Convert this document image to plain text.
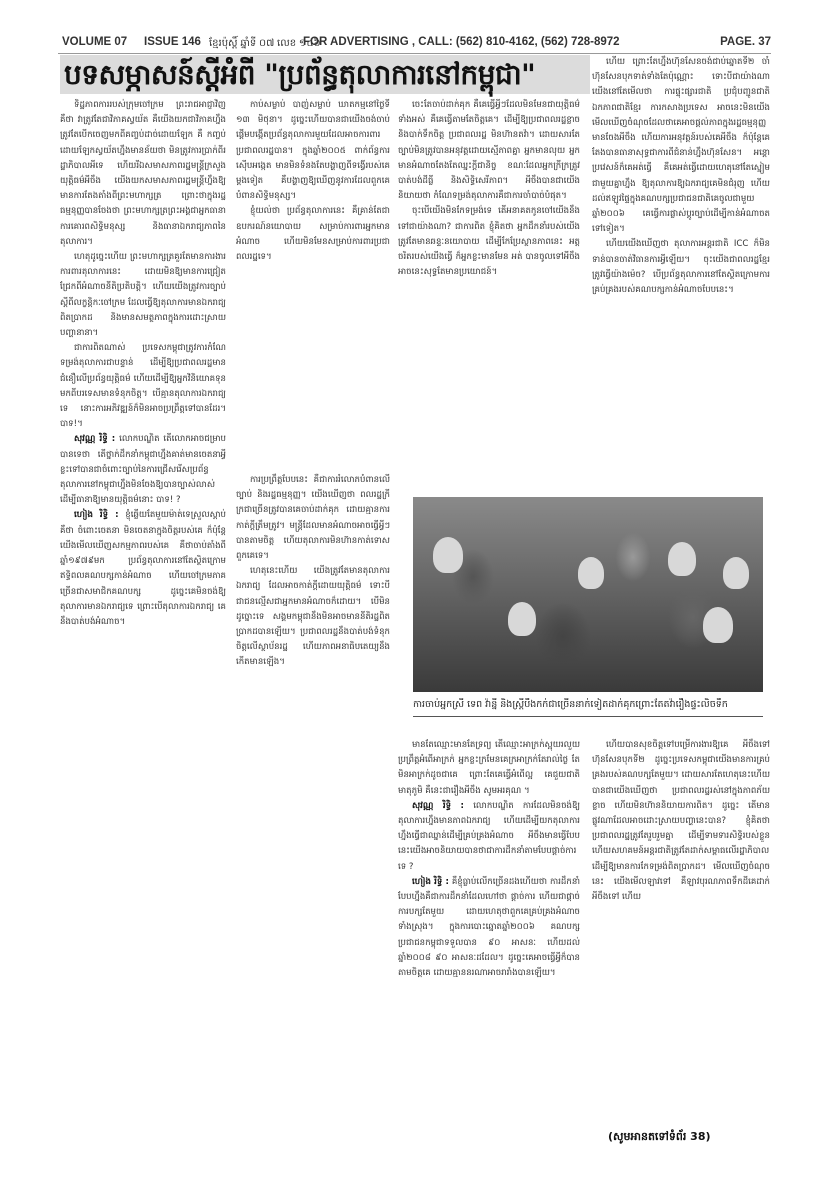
VOLUME 07 ISSUE 146 ខ្មែរប៉ុស្តិ៍ ឆ្នាំទី ០៧ លេខ ១៤៦
FOR ADVERTISING , CALL: (562) 810-4162, (562) 728-8972	PAGE. 37
បទសម្ភាសន៍ស្ដីអំពី "ប្រព័ន្ធតុលាការនៅកម្ពុជា"

ទិដ្ឋភាពការរបស់ក្រុមចៅក្រម ព្រះរាជអាជ្ញាវិញ គឺថា វាត្រូវតែជាវិភាគស្វយ័ត គឺយើងយកជាវិភាគហ្នឹង ត្រូវតែបើកចេញមកពីគញ្ចប់ដាច់ដោយឡែក គឺ កញ្ចប់ដោយឡែកស្វយ័តហ្នឹងមានន័យថា មិនត្រូវការប្រាក់ពីរដ្ឋាភិបាលអីទេ ហើយរីឯសមាសភាពរដ្ឋមន្ត្រីក្រសួងយុត្តិធម៌អីចឹង យើងយកសមាសភាពរដ្ឋមន្ត្រីហ្នឹងឱ្យមានការតែងតាំងពីព្រះមហាក្សត្រ ព្រោះថាក្នុងរដ្ឋធម្មនុញ្ញបានចែងថា ព្រះមហាក្សត្រព្រះអង្គជាអ្នកធានាការគោរពសិទ្ធិមនុស្ស និងធានាឯករាជ្យភាពនៃតុលាការ។

ហេតុដូច្នេះហើយ ព្រះមហាក្សត្រគួរតែមានការងារការពារតុលាការនេះ ដោយមិនឱ្យមានការជ្រៀតជ្រែកពីអំណាចនីតិប្រតិបត្តិ។ ហើយយើងត្រូវការច្បាប់ស្ដីពីលក្ខន្តិកៈចៅក្រម ដែលធ្វើឱ្យតុលាការមានឯករាជ្យពិតប្រាកដ និងមានសមត្ថភាពក្នុងការដោះស្រាយបញ្ហានានា។

ជាការពិតណាស់ ប្រទេសកម្ពុជាត្រូវការកំណែទម្រង់តុលាការជាបន្ទាន់ ដើម្បីឱ្យប្រជាពលរដ្ឋមានជំនឿលើប្រព័ន្ធយុត្តិធម៌ ហើយដើម្បីឱ្យអ្នកវិនិយោគទុនមកពីបរទេសមានទំនុកចិត្ត។ បើគ្មានតុលាការឯករាជ្យទេ នោះការអភិវឌ្ឍន៍ក៏មិនអាចប្រព្រឹត្តទៅបានដែរ។ បាទ!។

សុវណ្ណ រិទ្ធិ : លោកបណ្ឌិត តើលោកអាចជម្រាបបានទេថា តើថ្នាក់ដឹកនាំកម្ពុជាហ្នឹងគាត់មានចេតនាអ្វីខ្លះទៅបានជាចំពោះច្បាប់នៃការជ្រើសរើសប្រព័ន្ធតុលាការនៅកម្ពុជាហ្នឹងមិនចែងឱ្យបានច្បាស់លាស់ដើម្បីធានាឱ្យមានយុត្តិធម៌នោះ បាទ! ?

ហៀង រិទ្ធិ : ខ្ញុំឆ្លើយតែមួយម៉ាត់ទេស្រួលស្ដាប់ គឺថា ចំពោះចេតនា មិនចេតនាក្នុងចិត្តរបស់គេ ក៏ប៉ុន្តែយើងមើលឃើញសកម្មភាពរបស់គេ គឺថាចាប់តាំងពីឆ្នាំ១៩៧៩មក ប្រព័ន្ធតុលាការនៅតែស្ថិតក្រោមឥទ្ធិពលគណបក្សកាន់អំណាច ហើយចៅក្រមភាគច្រើនជាសមាជិកគណបក្ស ដូច្នេះគេមិនចង់ឱ្យតុលាការមានឯករាជ្យទេ ព្រោះបើតុលាការឯករាជ្យ គេនឹងបាត់បង់អំណាច។

កាប់សម្លាប់ បាញ់សម្លាប់ ឃាតកម្មនៅថ្ងៃទី ១៣ មិថុនា។ ដូច្នេះហើយបានជាយើងចង់ចាប់ផ្ដើមបង្កើតប្រព័ន្ធតុលាការមួយដែលអាចការពារប្រជាពលរដ្ឋបាន។ ក្នុងឆ្នាំ២០០៥ ពាក់ព័ន្ធការស៊ើបអង្កេត មានមិនទំនងតែបង្ហាញពីទង្វើរបស់គេម្ដងទៀត គឺបង្ហាញឱ្យឃើញនូវការដែលពួកគេបំពានសិទ្ធិមនុស្ស។

ខ្ញុំយល់ថា ប្រព័ន្ធតុលាការនេះ គឺគ្រាន់តែជាឧបករណ៍នយោបាយ សម្រាប់ការពារអ្នកមានអំណាច ហើយមិនមែនសម្រាប់ការពារប្រជាពលរដ្ឋទេ។

ការប្រព្រឹត្តបែបនេះ គឺជាការរំលោភបំពានលើច្បាប់ និងរដ្ឋធម្មនុញ្ញ។ យើងឃើញថា ពលរដ្ឋក្រីក្រជាច្រើនត្រូវបានគេចាប់ដាក់គុក ដោយគ្មានការកាត់ក្ដីត្រឹមត្រូវ។ មន្ត្រីដែលមានអំណាចអាចធ្វើអ្វីៗបានតាមចិត្ត ហើយតុលាការមិនហ៊ានកាត់ទោសពួកគេទេ។

ហេតុនេះហើយ យើងត្រូវតែមានតុលាការឯករាជ្យ ដែលអាចកាត់ក្ដីដោយយុត្តិធម៌ ទោះបីជាជនល្មើសជាអ្នកមានអំណាចក៏ដោយ។ បើមិនដូច្នោះទេ សង្គមកម្ពុជានឹងមិនអាចមាននីតិរដ្ឋពិតប្រាកដបានឡើយ។ ប្រជាពលរដ្ឋនឹងបាត់បង់ទំនុកចិត្តលើស្ថាប័នរដ្ឋ ហើយភាពអនាធិបតេយ្យនឹងកើតមានឡើង។

ហើយ ព្រោះតែហ្នឹងហ៊ុនសែនចង់ជាប់ឆ្នោតទី២ ចាំហ៊ុនសែនបុកទាត់ទាំងតែប៉ុណ្ណោះ ទោះបីជាយ៉ាងណា យើងនៅតែមើលថា ការផ្ទុះផ្សារជាតិ ប្រជុំបញ្ជូនជាតិឯកភាពជាតិខ្មែរ ការកសាងប្រទេស អាចនេះមិនយើងមើលឃើញចំណុចដែលថាគេអាចផ្តល់ភាពក្នុងរដ្ឋធម្មនុញ្ញមានចែងអីចឹង ហើយការអនុវត្តន៍របស់គេអីចឹង ក៏ប៉ុន្តែគេតែងបានធានាសុទ្ធជាការពីជំនាន់ហ្នឹងហ៊ុនសែន។ អន្តោប្រវេសន៍ក៏គេអត់ធ្វើ គឺគេអត់ធ្វើដោយហេតុនៅតែស្នៀមជាមួយគ្នាហ្នឹង ឱ្យតុលាការឱ្យឯករាជ្យគេមិនជំរុញ ហើយដល់ឥឡូវផ្ទៃក្នុងគណបក្សប្រជាជនជាតិគេចូលជាមួយឆ្នាំ២០០៦ គេធ្វើការផ្លាស់ប្ដូរច្បាប់ដើម្បីកាន់អំណាចតទៅទៀត។

ហើយយើងឃើញថា តុលាការអន្តរជាតិ ICC ក៏មិនទាន់បានចាត់វិធានការអ្វីឡើយ។ ចុះយើងជាពលរដ្ឋខ្មែរ ត្រូវធ្វើយ៉ាងម៉េច? បើប្រព័ន្ធតុលាការនៅតែស្ថិតក្រោមការគ្រប់គ្រងរបស់គណបក្សកាន់អំណាចបែបនេះ។

ចេះតែចាប់ដាក់គុក គឺគេធ្វើអ្វីៗដែលមិនមែនជាយុត្តិធម៌ទាំងអស់ គឺគេធ្វើតាមតែចិត្តគេ។ ដើម្បីឱ្យប្រជាពលរដ្ឋខ្លាចនិងបាក់ទឹកចិត្ត ប្រជាពលរដ្ឋ មិនហ៊ានតវ៉ា។ ដោយសារតែច្បាប់មិនត្រូវបានអនុវត្តដោយស្មើភាពគ្នា អ្នកមានលុយ អ្នកមានអំណាចតែងតែឈ្នះក្ដីជានិច្ច ខណៈដែលអ្នកក្រីក្រត្រូវបាត់បង់ដីធ្លី និងសិទ្ធិសេរីភាព។ អីចឹងបានជាយើងនិយាយថា កំណែទម្រង់តុលាការគឺជាការចាំបាច់បំផុត។

ចុះបើយើងមិនកែទម្រង់ទេ តើអនាគតកូនចៅយើងនឹងទៅជាយ៉ាងណា? ជាការពិត ខ្ញុំគិតថា អ្នកដឹកនាំរបស់យើងត្រូវតែមានឆន្ទៈនយោបាយ ដើម្បីកែប្រែស្ថានភាពនេះ អត្តចរិតរបស់យើងធ្វើ ក៏អ្នកខ្លះមានមែន អត់ បានចូលទៅអីចឹង អាចនេះសុទ្ធតែមានប្រយោជន៍។

ការចាប់អ្នកស្រី ទេព វ៉ាន្នី និងស្ត្រីបឹងកក់ជាច្រើននាក់ទៀតដាក់គុកព្រោះតែតវ៉ារឿងផ្ទះលិចទឹក

មានតែឈ្មោះមានតែទ្រព្យ តើឈ្មោះអាក្រក់ស្អុយរលួយ ប្រព្រឹត្តអំពើអាក្រក់ អ្នកខ្លះក្រមែនគេក្រអាក្រក់តែរាល់ថ្ងៃ តែមិនអាក្រក់ដូចជាគេ ព្រោះតែគេធ្វើអំពើល្អ គេជួយជាតិមាតុភូមិ គឺនេះជារឿងអីចឹង សូមអរគុណ ។

សុវណ្ណ រិទ្ធិ : លោកបណ្ឌិត ការដែលមិនចង់ឱ្យតុលាការហ្នឹងមានភាពឯករាជ្យ ហើយដើម្បីយកតុលាការហ្នឹងធ្វើជាឈ្នាន់ដើម្បីគ្រប់គ្រងអំណាច អីចឹងមានធ្វើបែបនេះយើងអាចនិយាយបានថាជាការដឹកនាំតាមបែបផ្ដាច់ការទេ ?

ហៀង រិទ្ធិ : គឺខ្ញុំធ្លាប់លើកច្រើនដងហើយថា ការដឹកនាំបែបហ្នឹងគឺជាការដឹកនាំដែលហៅថា ផ្ដាច់ការ ហើយជាផ្ដាច់ការបក្សតែមួយ ដោយហេតុថាពួកគេគ្រប់គ្រងអំណាចទាំងស្រុង។ ក្នុងការបោះឆ្នោតឆ្នាំ២០០៦ គណបក្សប្រជាជនកម្ពុជាទទួលបាន ៩០ អាសនៈ ហើយដល់ឆ្នាំ២០០៨ ៩០ អាសនៈដដែល។ ដូច្នេះគេអាចធ្វើអ្វីក៏បានតាមចិត្តគេ ដោយគ្មាននរណាអាចរារាំងបានឡើយ។

ហើយបានសុខចិត្តទៅបម្រើការងារឱ្យគេ អីចឹងទៅហ៊ុនសែនបុកទី២ ដូច្នេះប្រទេសកម្ពុជាយើងមានការគ្រប់គ្រងរបស់គណបក្សតែមួយ។ ដោយសារតែហេតុនេះហើយបានជាយើងឃើញថា ប្រជាពលរដ្ឋរស់នៅក្នុងភាពភ័យខ្លាច ហើយមិនហ៊ាននិយាយការពិត។ ដូច្នេះ តើមានផ្លូវណាដែលអាចដោះស្រាយបញ្ហានេះបាន? ខ្ញុំគិតថា ប្រជាពលរដ្ឋត្រូវតែរួបរួមគ្នា ដើម្បីទាមទារសិទ្ធិរបស់ខ្លួន ហើយសហគមន៍អន្តរជាតិត្រូវតែដាក់សម្ពាធលើរដ្ឋាភិបាល ដើម្បីឱ្យមានការកែទម្រង់ពិតប្រាកដ។ មើលឃើញចំណុចនេះ យើងមើលឡាវទៅ គឺឡាវបុរណភាពទឹកដីគេដាក់អីចឹងទៅ ហើយ

(សូមអានតទៅទំព័រ 38)
